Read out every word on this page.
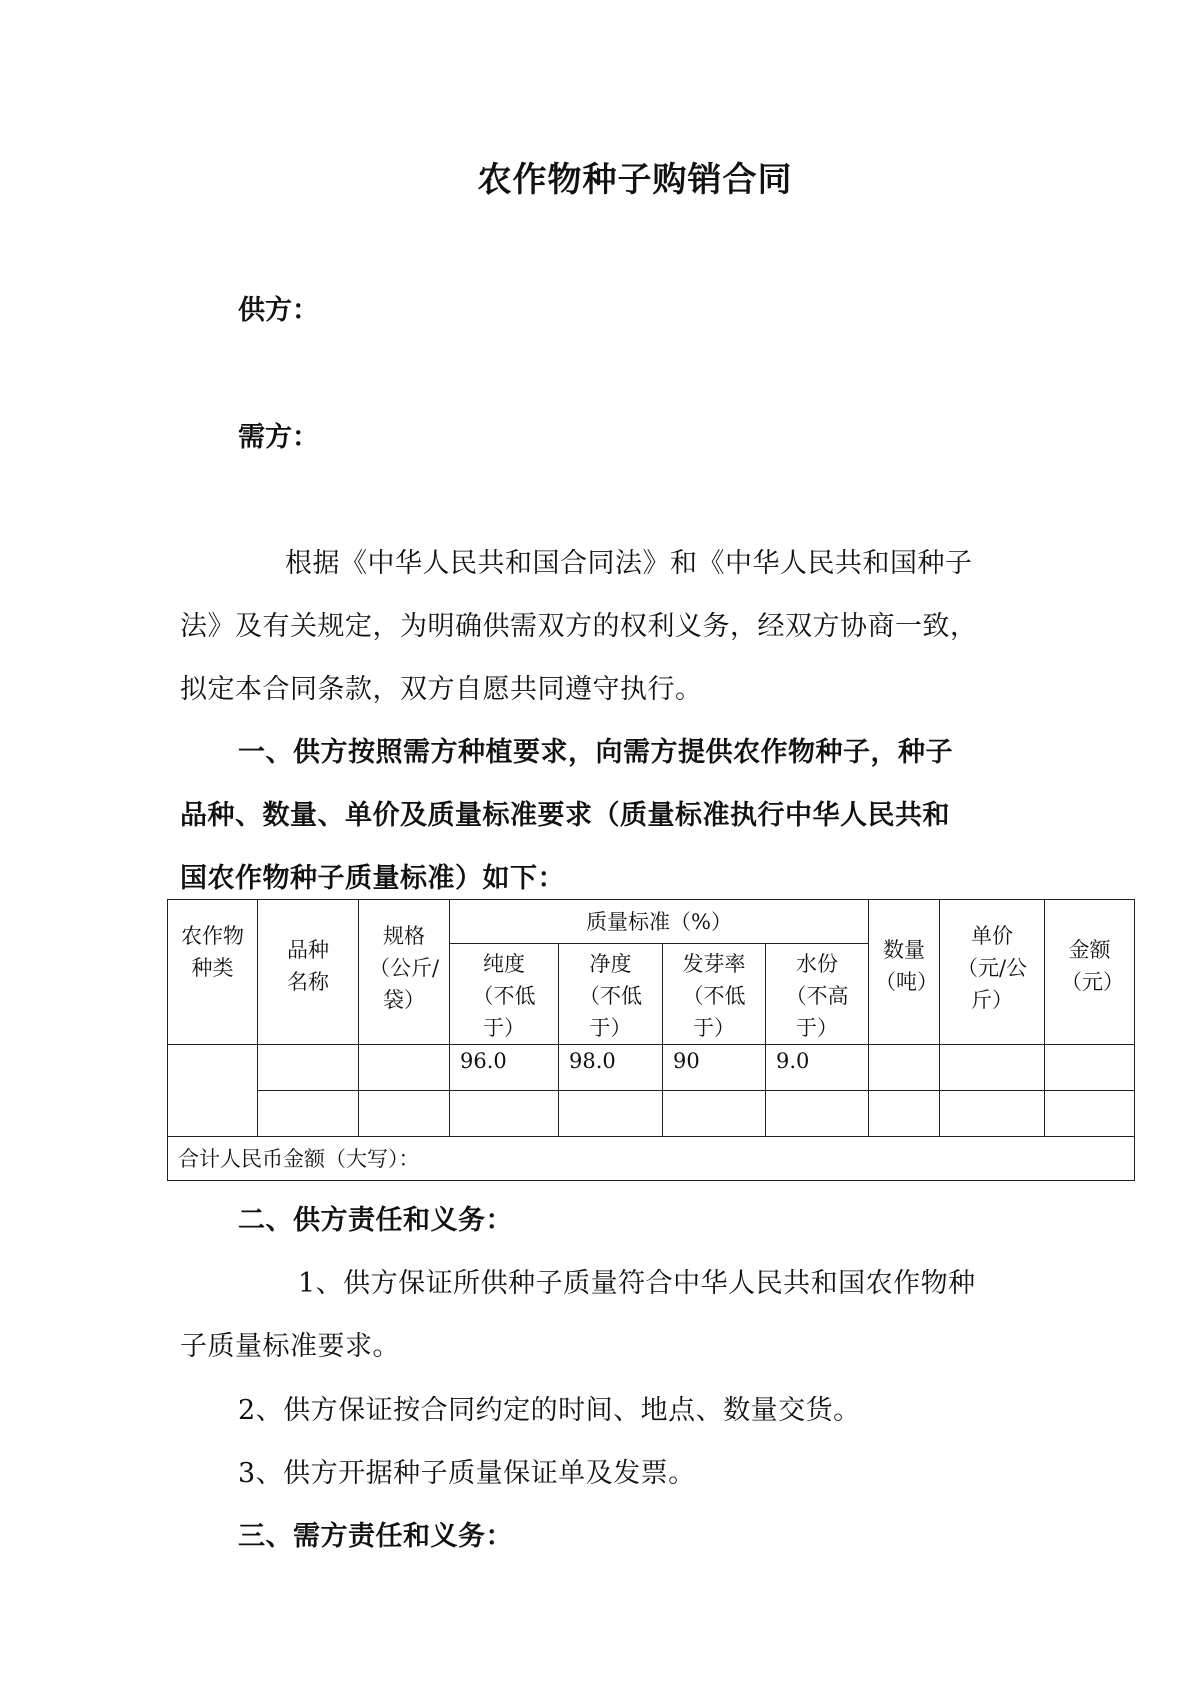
农作物种子购销合同
供方：
需方：
根据《中华人民共和国合同法》和《中华人民共和国种子
法》及有关规定，为明确供需双方的权利义务，经双方协商一致，
拟定本合同条款，双方自愿共同遵守执行。
一、供方按照需方种植要求，向需方提供农作物种子，种子
品种、数量、单价及质量标准要求（质量标准执行中华人民共和
国农作物种子质量标准）如下：
农作物种类	品种名称	规格（公斤/袋）	质量标准（%）				数量（吨）	单价（元/公斤）	金额（元）

			纯度（不低于）	净度（不低于）	发芽率（不低于）	水份（不高于）			

			96.0	98.0	90	9.0			

合计人民币金额（大写）：									
二、供方责任和义务：
1、供方保证所供种子质量符合中华人民共和国农作物种
子质量标准要求。
2、供方保证按合同约定的时间、地点、数量交货。
3、供方开据种子质量保证单及发票。
三、需方责任和义务：
